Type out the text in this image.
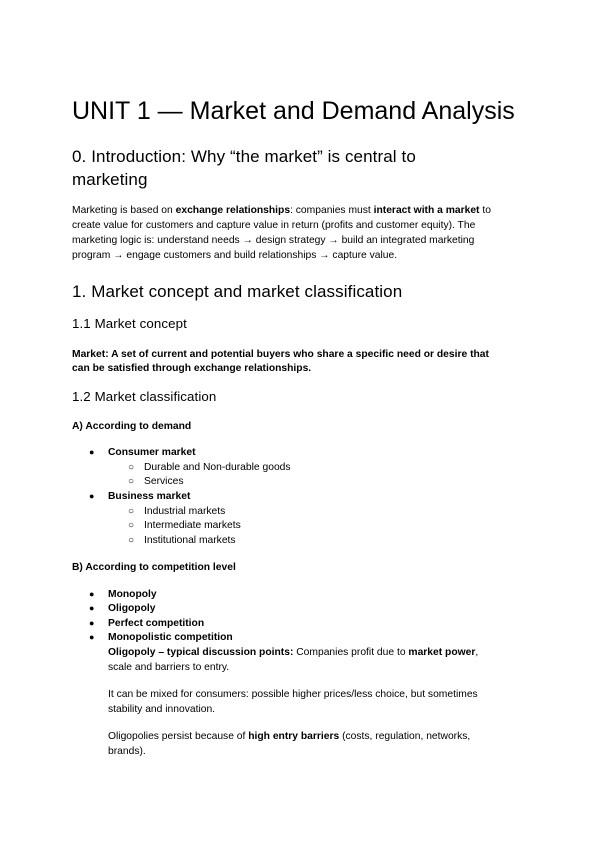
UNIT 1 — Market and Demand Analysis
0. Introduction: Why “the market” is central to
marketing
Marketing is based on exchange relationships: companies must interact with a market to
create value for customers and capture value in return (profits and customer equity). The
marketing logic is: understand needs → design strategy → build an integrated marketing
program → engage customers and build relationships → capture value.
1. Market concept and market classification
1.1 Market concept
Market: A set of current and potential buyers who share a specific need or desire that
can be satisfied through exchange relationships.
1.2 Market classification
A) According to demand
● Consumer market
○ Durable and Non-durable goods
○ Services
● Business market
○ Industrial markets
○ Intermediate markets
○ Institutional markets
B) According to competition level
● Monopoly
● Oligopoly
● Perfect competition
● Monopolistic competition
Oligopoly – typical discussion points: Companies profit due to market power,
scale and barriers to entry.
It can be mixed for consumers: possible higher prices/less choice, but sometimes
stability and innovation.
Oligopolies persist because of high entry barriers (costs, regulation, networks,
brands).
